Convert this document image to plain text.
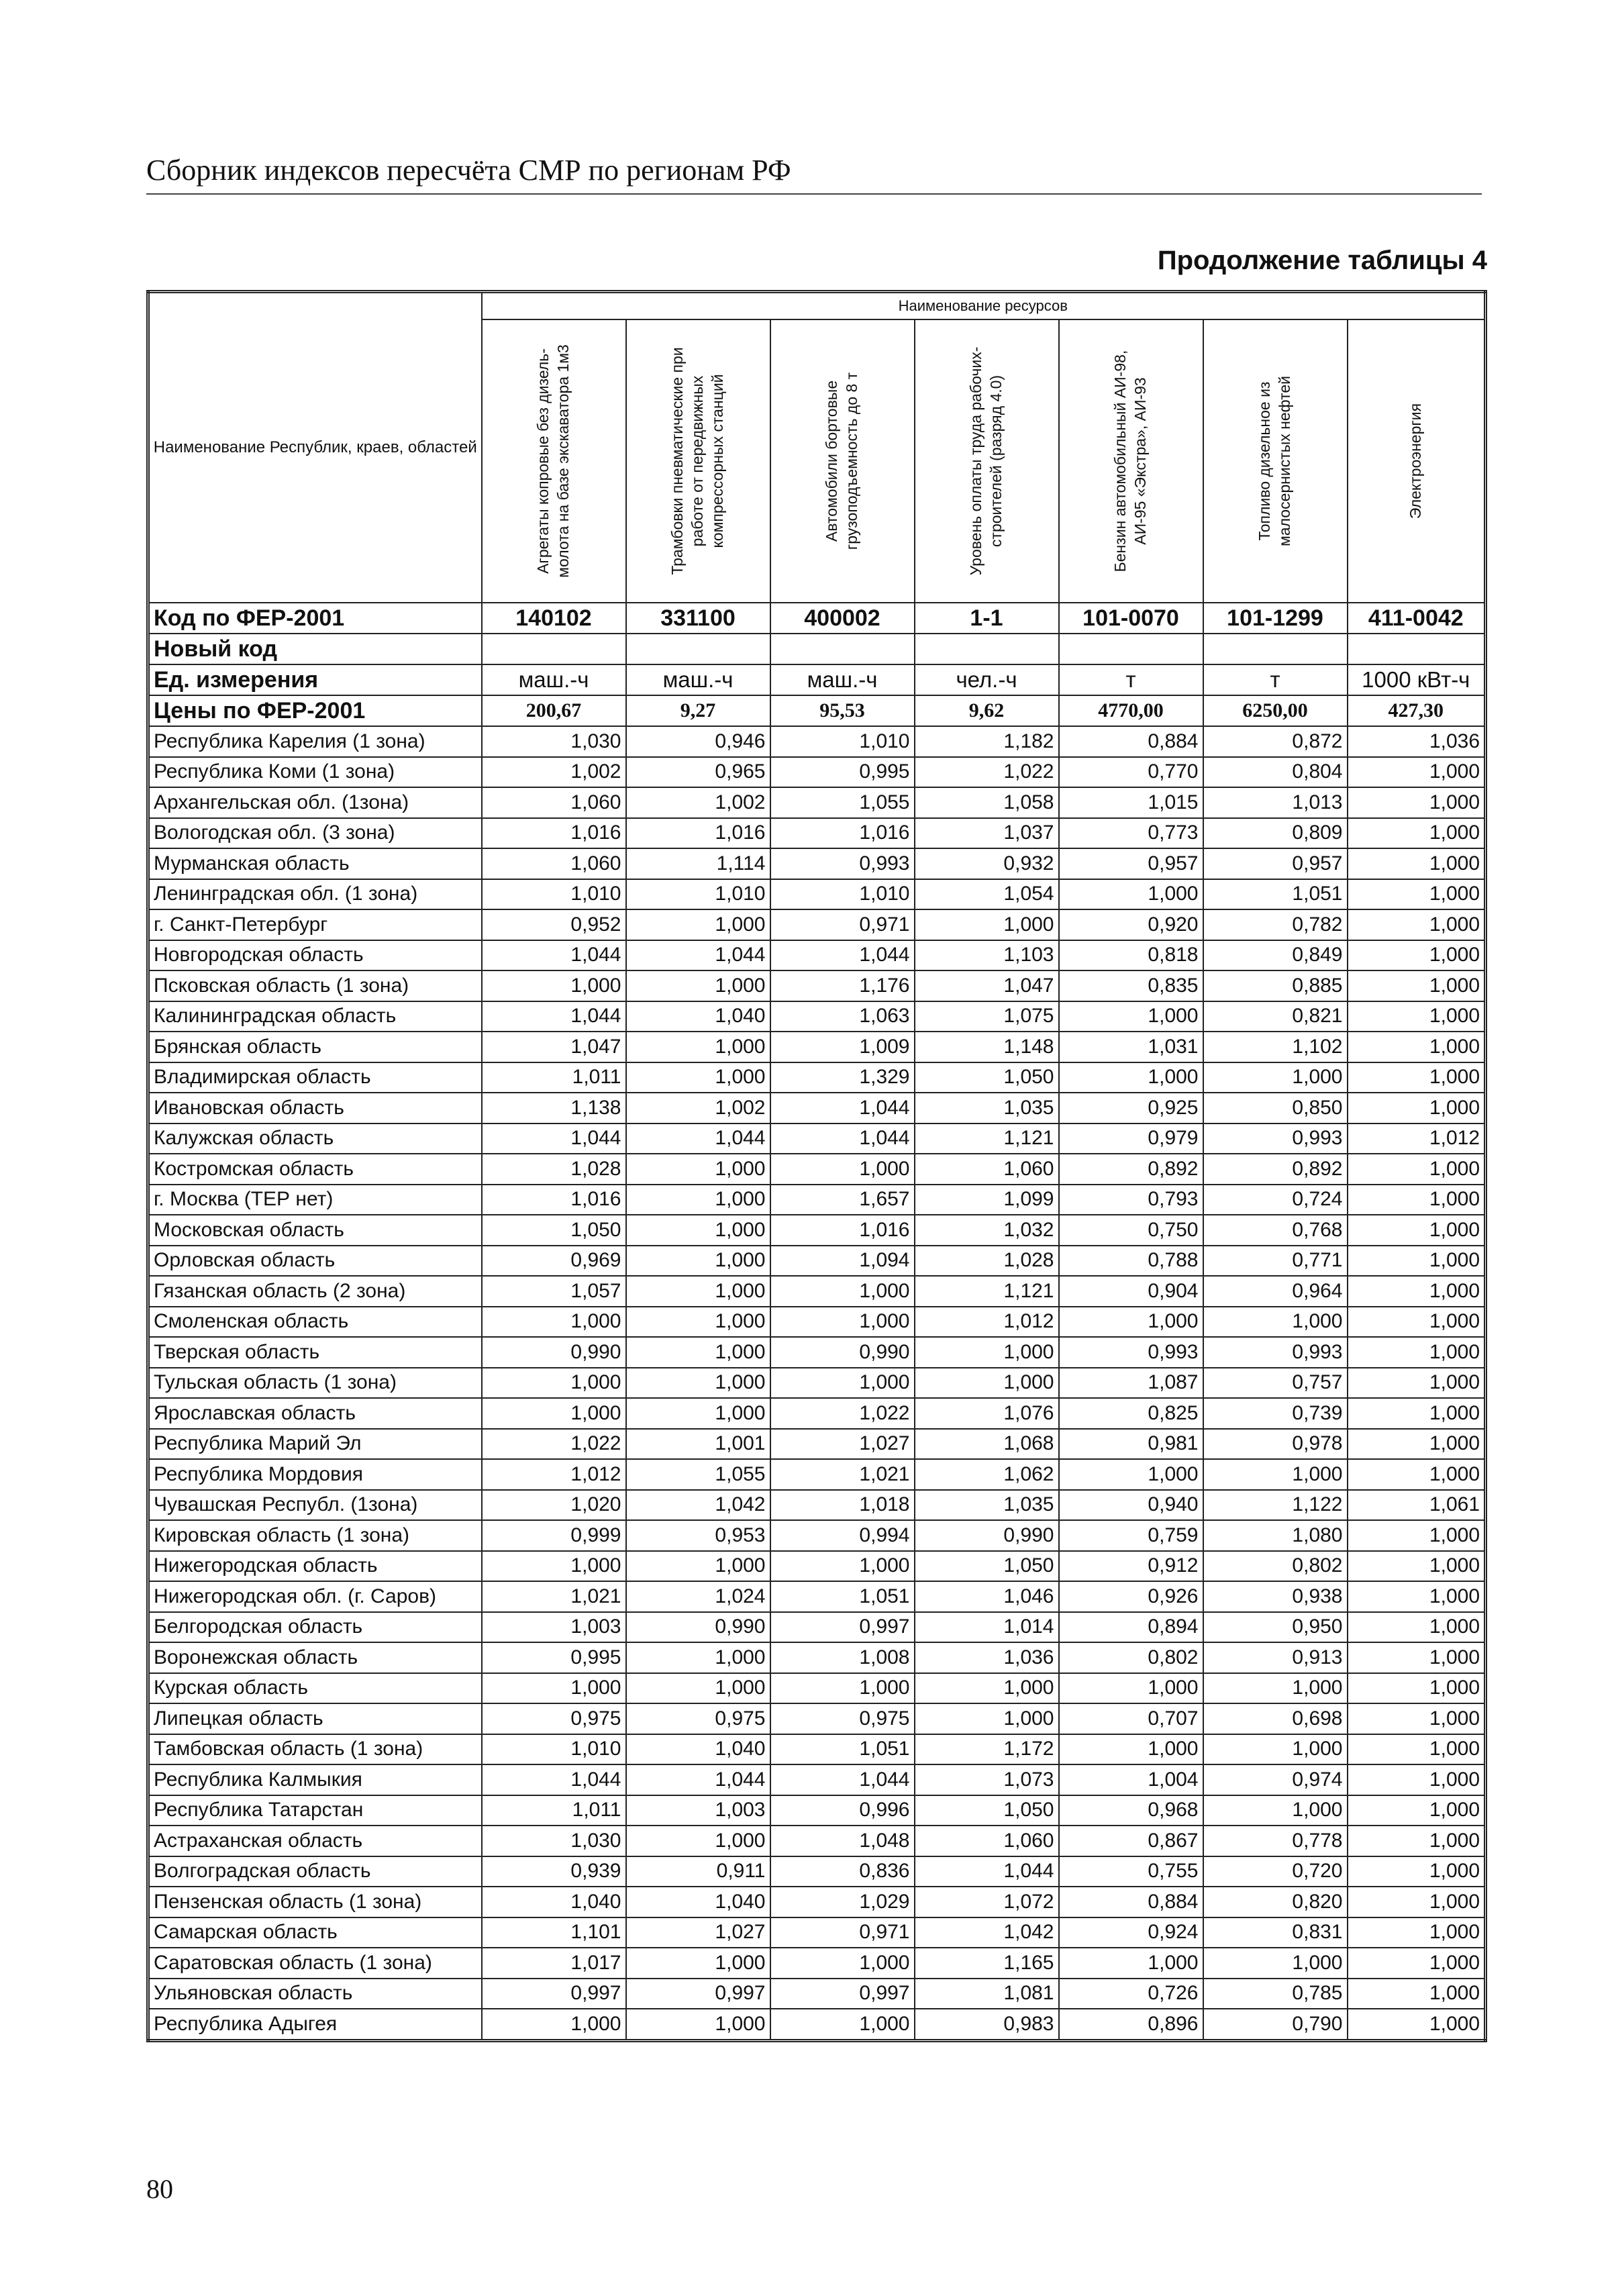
Сборник индексов пересчёта СМР по регионам РФ
Продолжение таблицы 4
Наименование Республик, краев, областей	Наименование ресурсов						

	Агрегаты копровые без дизель-молота на базе экскаватора 1м3	Трамбовки пневматические при работе от передвижных компрессорных станций	Автомобили бортовые грузоподъемность до 8 т	Уровень оплаты труда рабочих-строителей (разряд 4.0)	Бензин автомобильный АИ-98, АИ-95 «Экстра», АИ-93	Топливо дизельное из малосернистых нефтей	Электроэнергия

Код по ФЕР-2001	140102	331100	400002	1-1	101-0070	101-1299	411-0042
Новый код							
Ед. измерения	маш.-ч	маш.-ч	маш.-ч	чел.-ч	т	т	1000 кВт-ч
Цены по ФЕР-2001	200,67	9,27	95,53	9,62	4770,00	6250,00	427,30
Республика Карелия (1 зона)	1,030	0,946	1,010	1,182	0,884	0,872	1,036
Республика Коми (1 зона)	1,002	0,965	0,995	1,022	0,770	0,804	1,000
Архангельская обл. (1зона)	1,060	1,002	1,055	1,058	1,015	1,013	1,000
Вологодская обл. (3 зона)	1,016	1,016	1,016	1,037	0,773	0,809	1,000
Мурманская область	1,060	1,114	0,993	0,932	0,957	0,957	1,000
Ленинградская обл. (1 зона)	1,010	1,010	1,010	1,054	1,000	1,051	1,000
г. Санкт-Петербург	0,952	1,000	0,971	1,000	0,920	0,782	1,000
Новгородская область	1,044	1,044	1,044	1,103	0,818	0,849	1,000
Псковская область (1 зона)	1,000	1,000	1,176	1,047	0,835	0,885	1,000
Калининградская область	1,044	1,040	1,063	1,075	1,000	0,821	1,000
Брянская область	1,047	1,000	1,009	1,148	1,031	1,102	1,000
Владимирская область	1,011	1,000	1,329	1,050	1,000	1,000	1,000
Ивановская область	1,138	1,002	1,044	1,035	0,925	0,850	1,000
Калужская область	1,044	1,044	1,044	1,121	0,979	0,993	1,012
Костромская область	1,028	1,000	1,000	1,060	0,892	0,892	1,000
г. Москва (ТЕР нет)	1,016	1,000	1,657	1,099	0,793	0,724	1,000
Московская область	1,050	1,000	1,016	1,032	0,750	0,768	1,000
Орловская область	0,969	1,000	1,094	1,028	0,788	0,771	1,000
Гязанская область (2 зона)	1,057	1,000	1,000	1,121	0,904	0,964	1,000
Смоленская область	1,000	1,000	1,000	1,012	1,000	1,000	1,000
Тверская область	0,990	1,000	0,990	1,000	0,993	0,993	1,000
Тульская область (1 зона)	1,000	1,000	1,000	1,000	1,087	0,757	1,000
Ярославская область	1,000	1,000	1,022	1,076	0,825	0,739	1,000
Республика Марий Эл	1,022	1,001	1,027	1,068	0,981	0,978	1,000
Республика Мордовия	1,012	1,055	1,021	1,062	1,000	1,000	1,000
Чувашская Республ. (1зона)	1,020	1,042	1,018	1,035	0,940	1,122	1,061
Кировская область (1 зона)	0,999	0,953	0,994	0,990	0,759	1,080	1,000
Нижегородская область	1,000	1,000	1,000	1,050	0,912	0,802	1,000
Нижегородская обл. (г. Саров)	1,021	1,024	1,051	1,046	0,926	0,938	1,000
Белгородская область	1,003	0,990	0,997	1,014	0,894	0,950	1,000
Воронежская область	0,995	1,000	1,008	1,036	0,802	0,913	1,000
Курская область	1,000	1,000	1,000	1,000	1,000	1,000	1,000
Липецкая область	0,975	0,975	0,975	1,000	0,707	0,698	1,000
Тамбовская область (1 зона)	1,010	1,040	1,051	1,172	1,000	1,000	1,000
Республика Калмыкия	1,044	1,044	1,044	1,073	1,004	0,974	1,000
Республика Татарстан	1,011	1,003	0,996	1,050	0,968	1,000	1,000
Астраханская область	1,030	1,000	1,048	1,060	0,867	0,778	1,000
Волгоградская область	0,939	0,911	0,836	1,044	0,755	0,720	1,000
Пензенская область (1 зона)	1,040	1,040	1,029	1,072	0,884	0,820	1,000
Самарская область	1,101	1,027	0,971	1,042	0,924	0,831	1,000
Саратовская область (1 зона)	1,017	1,000	1,000	1,165	1,000	1,000	1,000
Ульяновская область	0,997	0,997	0,997	1,081	0,726	0,785	1,000
Республика Адыгея	1,000	1,000	1,000	0,983	0,896	0,790	1,000
80
